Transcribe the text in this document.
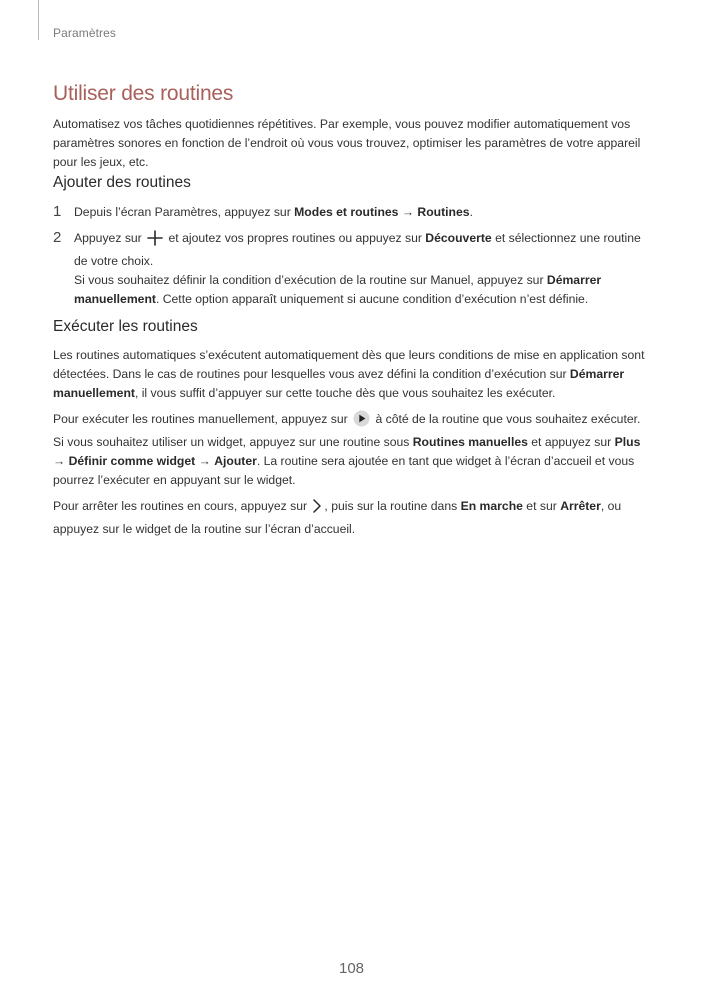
Paramètres
Utiliser des routines

Automatisez vos tâches quotidiennes répétitives. Par exemple, vous pouvez modifier automatiquement vos paramètres sonores en fonction de l’endroit où vous vous trouvez, optimiser les paramètres de votre appareil pour les jeux, etc.

Ajouter des routines
1 Depuis l’écran Paramètres, appuyez sur Modes et routines → Routines.

2 Appuyez sur  et ajoutez vos propres routines ou appuyez sur Découverte et sélectionnez une routine de votre choix.

Si vous souhaitez définir la condition d’exécution de la routine sur Manuel, appuyez sur Démarrer manuellement. Cette option apparaît uniquement si aucune condition d’exécution n’est définie.

Exécuter les routines

Les routines automatiques s’exécutent automatiquement dès que leurs conditions de mise en application sont détectées. Dans le cas de routines pour lesquelles vous avez défini la condition d’exécution sur Démarrer manuellement, il vous suffit d’appuyer sur cette touche dès que vous souhaitez les exécuter.

Pour exécuter les routines manuellement, appuyez sur  à côté de la routine que vous souhaitez exécuter.
Si vous souhaitez utiliser un widget, appuyez sur une routine sous Routines manuelles et appuyez sur Plus → Définir comme widget → Ajouter. La routine sera ajoutée en tant que widget à l’écran d’accueil et vous pourrez l’exécuter en appuyant sur le widget.

Pour arrêter les routines en cours, appuyez sur , puis sur la routine dans En marche et sur Arrêter, ou appuyez sur le widget de la routine sur l’écran d’accueil.

108
